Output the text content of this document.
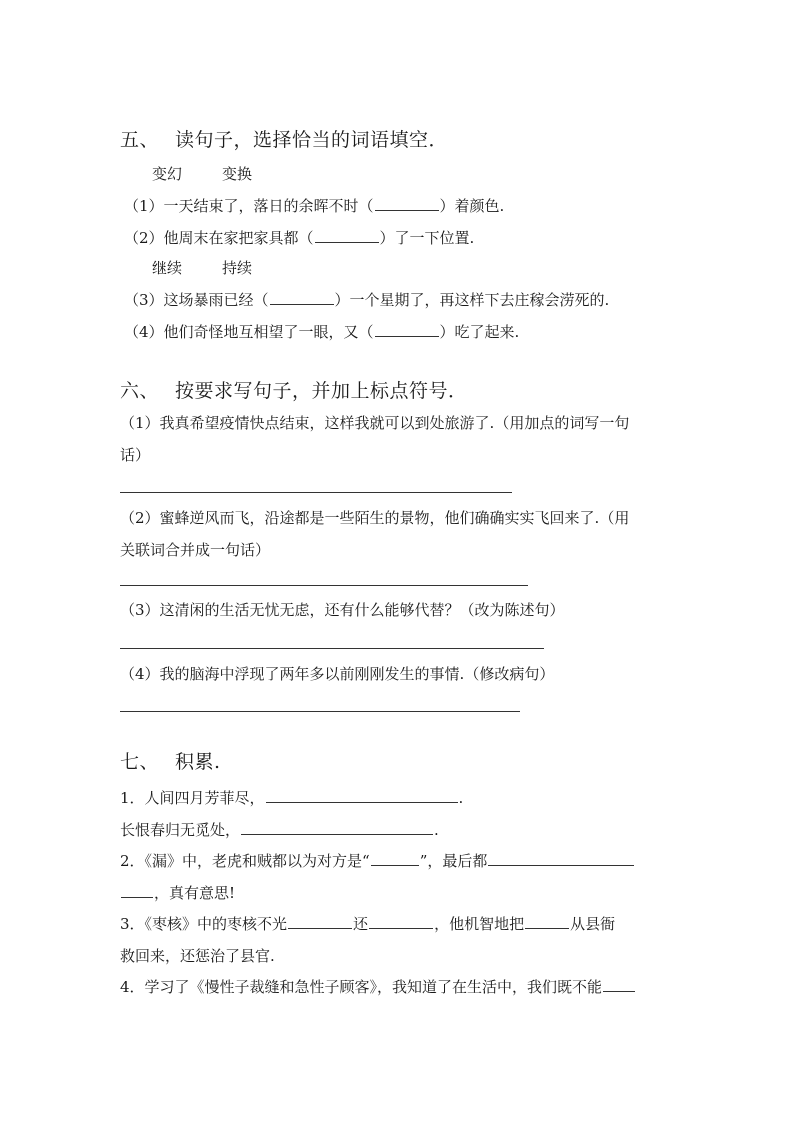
五、 读句子，选择恰当的词语填空．
变幻	变换
（1）一天结束了，落日的余晖不时（	）着颜色.
（2）他周末在家把家具都（	）了一下位置.
继续	持续
（3）这场暴雨已经（	）一个星期了，再这样下去庄稼会涝死的.
（4）他们奇怪地互相望了一眼，又（	）吃了起来.
六、 按要求写句子，并加上标点符号．
（1）我真希望疫情快点结束，这样我就可以到处旅游了.（用加点的词写一句
话）
（2）蜜蜂逆风而飞，沿途都是一些陌生的景物，他们确确实实飞回来了.（用
关联词合并成一句话）
（3）这清闲的生活无忧无虑，还有什么能够代替？（改为陈述句）
（4）我的脑海中浮现了两年多以前刚刚发生的事情.（修改病句）
七、 积累.
1．人间四月芳菲尽，	.
长恨春归无觅处，	.
2．《漏》中，老虎和贼都以为对方是“	”，最后都
，真有意思!
3．《枣核》中的枣核不光	还	，他机智地把	从县衙
救回来，还惩治了县官.
4．学习了《慢性子裁缝和急性子顾客》，我知道了在生活中，我们既不能
